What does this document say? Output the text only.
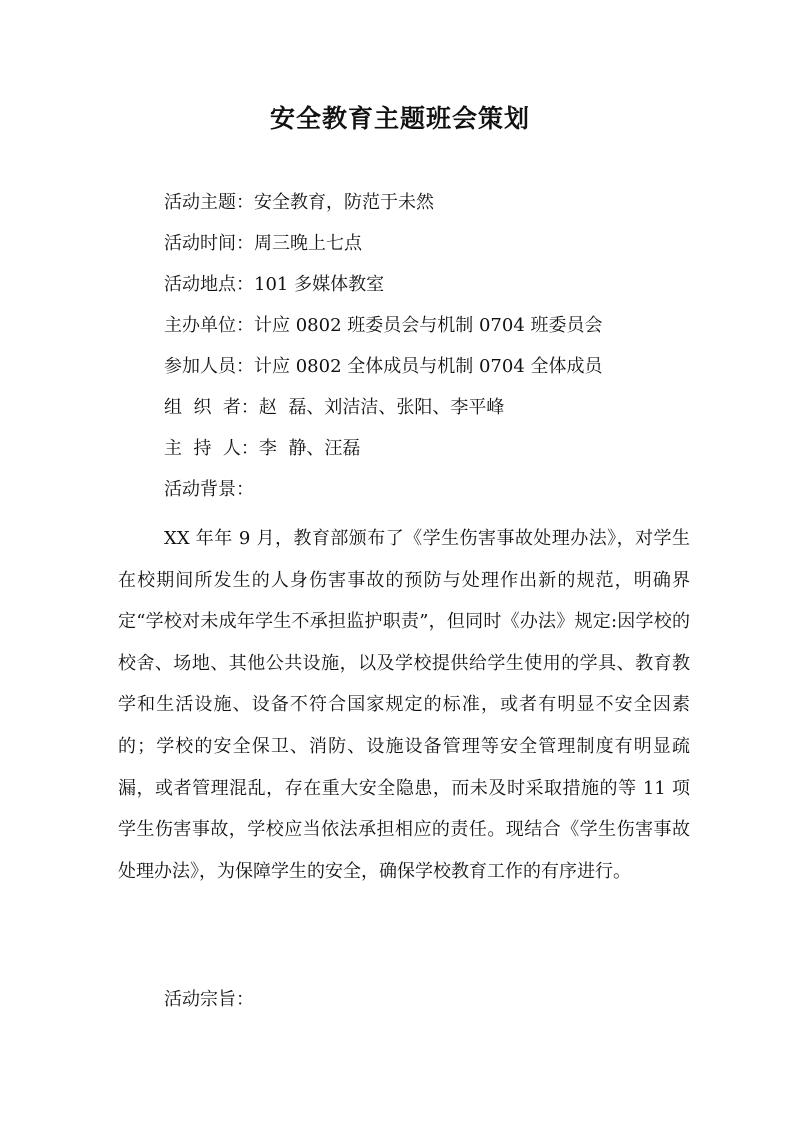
安全教育主题班会策划
活动主题：安全教育，防范于未然
活动时间：周三晚上七点
活动地点：101 多媒体教室
主办单位：计应 0802 班委员会与机制 0704 班委员会
参加人员：计应 0802 全体成员与机制 0704 全体成员
组  织  者：赵  磊、刘洁洁、张阳、李平峰
主  持  人：李  静、汪磊
活动背景：
XX 年年 9 月，教育部颁布了《学生伤害事故处理办法》，对学生在校期间所发生的人身伤害事故的预防与处理作出新的规范，明确界定“学校对未成年学生不承担监护职责”，但同时《办法》规定:因学校的校舍、场地、其他公共设施，以及学校提供给学生使用的学具、教育教学和生活设施、设备不符合国家规定的标准，或者有明显不安全因素的；学校的安全保卫、消防、设施设备管理等安全管理制度有明显疏漏，或者管理混乱，存在重大安全隐患，而未及时采取措施的等 11 项学生伤害事故，学校应当依法承担相应的责任。现结合《学生伤害事故处理办法》，为保障学生的安全，确保学校教育工作的有序进行。
活动宗旨：
